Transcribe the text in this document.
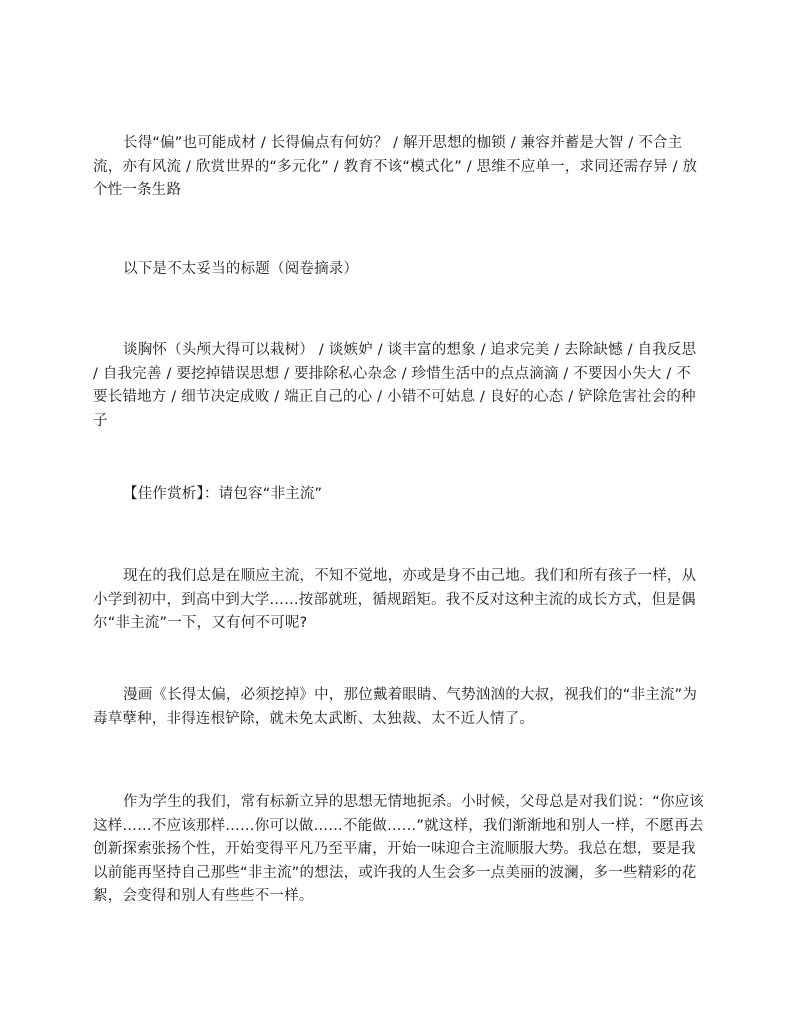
长得“偏”也可能成材 / 长得偏点有何妨？ / 解开思想的枷锁 / 兼容并蓄是大智 / 不合主流，亦有风流 / 欣赏世界的“多元化” / 教育不该“模式化” / 思维不应单一，求同还需存异 / 放个性一条生路

以下是不太妥当的标题（阅卷摘录）

谈胸怀（头颅大得可以栽树） / 谈嫉妒 / 谈丰富的想象 / 追求完美 / 去除缺憾 / 自我反思 / 自我完善 / 要挖掉错误思想 / 要排除私心杂念 / 珍惜生活中的点点滴滴 / 不要因小失大 / 不要长错地方 / 细节决定成败 / 端正自己的心 / 小错不可姑息 / 良好的心态 / 铲除危害社会的种子

【佳作赏析】：请包容“非主流”

现在的我们总是在顺应主流，不知不觉地，亦或是身不由己地。我们和所有孩子一样，从小学到初中，到高中到大学……按部就班，循规蹈矩。我不反对这种主流的成长方式，但是偶尔“非主流”一下，又有何不可呢?

漫画《长得太偏，必须挖掉》中，那位戴着眼睛、气势汹汹的大叔，视我们的“非主流”为毒草孽种，非得连根铲除，就未免太武断、太独裁、太不近人情了。

作为学生的我们，常有标新立异的思想无情地扼杀。小时候，父母总是对我们说：“你应该这样……不应该那样……你可以做……不能做……”就这样，我们渐渐地和别人一样，不愿再去创新探索张扬个性，开始变得平凡乃至平庸，开始一味迎合主流顺服大势。我总在想，要是我以前能再坚持自己那些“非主流”的想法，或许我的人生会多一点美丽的波澜，多一些精彩的花絮，会变得和别人有些些不一样。
